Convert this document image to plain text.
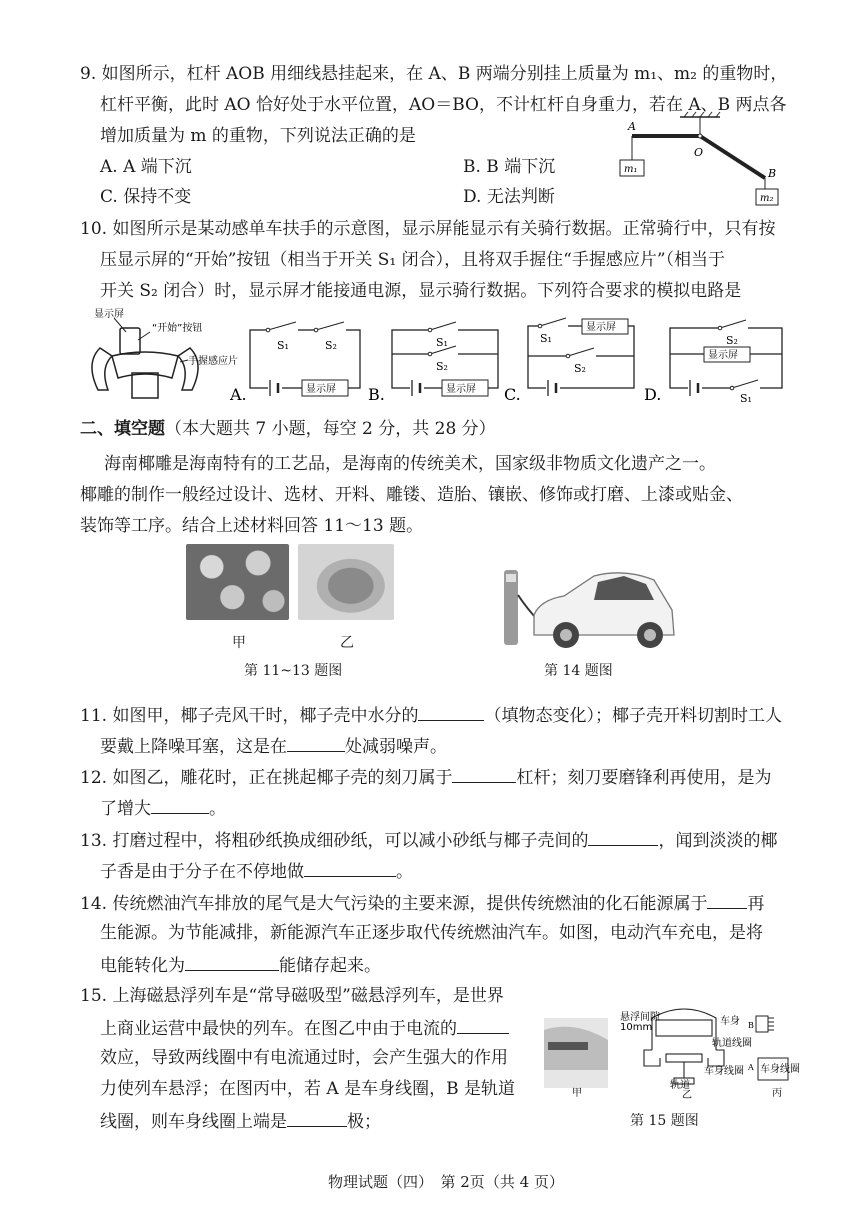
9. 如图所示，杠杆 AOB 用细线悬挂起来，在 A、B 两端分别挂上质量为 m₁、m₂ 的重物时，
杠杆平衡，此时 AO 恰好处于水平位置，AO＝BO，不计杠杆自身重力，若在 A、B 两点各
增加质量为 m 的重物，下列说法正确的是
A. A 端下沉	B. B 端下沉
C. 保持不变	D. 无法判断
A
O
B
m₁
m₂
10. 如图所示是某动感单车扶手的示意图，显示屏能显示有关骑行数据。正常骑行中，只有按
压显示屏的“开始”按钮（相当于开关 S₁ 闭合），且将双手握住“手握感应片”（相当于
开关 S₂ 闭合）时，显示屏才能接通电源，显示骑行数据。下列符合要求的模拟电路是
显示屏
“开始”按钮
手握感应片
S₁	S₂
显示屏
A.
S₁
S₂
显示屏
B.
S₁
S₂
显示屏
C.
S₂
显示屏
S₁
D.
二、填空题（本大题共 7 小题，每空 2 分，共 28 分）
海南椰雕是海南特有的工艺品，是海南的传统美术，国家级非物质文化遗产之一。
椰雕的制作一般经过设计、选材、开料、雕镂、造胎、镶嵌、修饰或打磨、上漆或贴金、
装饰等工序。结合上述材料回答 11～13 题。
甲	乙
第 11~13 题图	第 14 题图
11. 如图甲，椰子壳风干时，椰子壳中水分的	（填物态变化）；椰子壳开料切割时工人
要戴上降噪耳塞，这是在	处减弱噪声。
12. 如图乙，雕花时，正在挑起椰子壳的刻刀属于	杠杆；刻刀要磨锋利再使用，是为
了增大	。
13. 打磨过程中，将粗砂纸换成细砂纸，可以减小砂纸与椰子壳间的	，闻到淡淡的椰
子香是由于分子在不停地做	。
14. 传统燃油汽车排放的尾气是大气污染的主要来源，提供传统燃油的化石能源属于 再
生能源。为节能减排，新能源汽车正逐步取代传统燃油汽车。如图，电动汽车充电，是将
电能转化为	能储存起来。
15. 上海磁悬浮列车是“常导磁吸型”磁悬浮列车，是世界
上商业运营中最快的列车。在图乙中由于电流的
效应，导致两线圈中有电流通过时，会产生强大的作用
力使列车悬浮；在图丙中，若 A 是车身线圈，B 是轨道
线圈，则车身线圈上端是	极；
甲
悬浮间隙
10mm
车身
轨道线圈
车身线圈
轨道
乙
B
A 车身线圈
丙
第 15 题图
物理试题（四）　第 2页（共 4 页）
